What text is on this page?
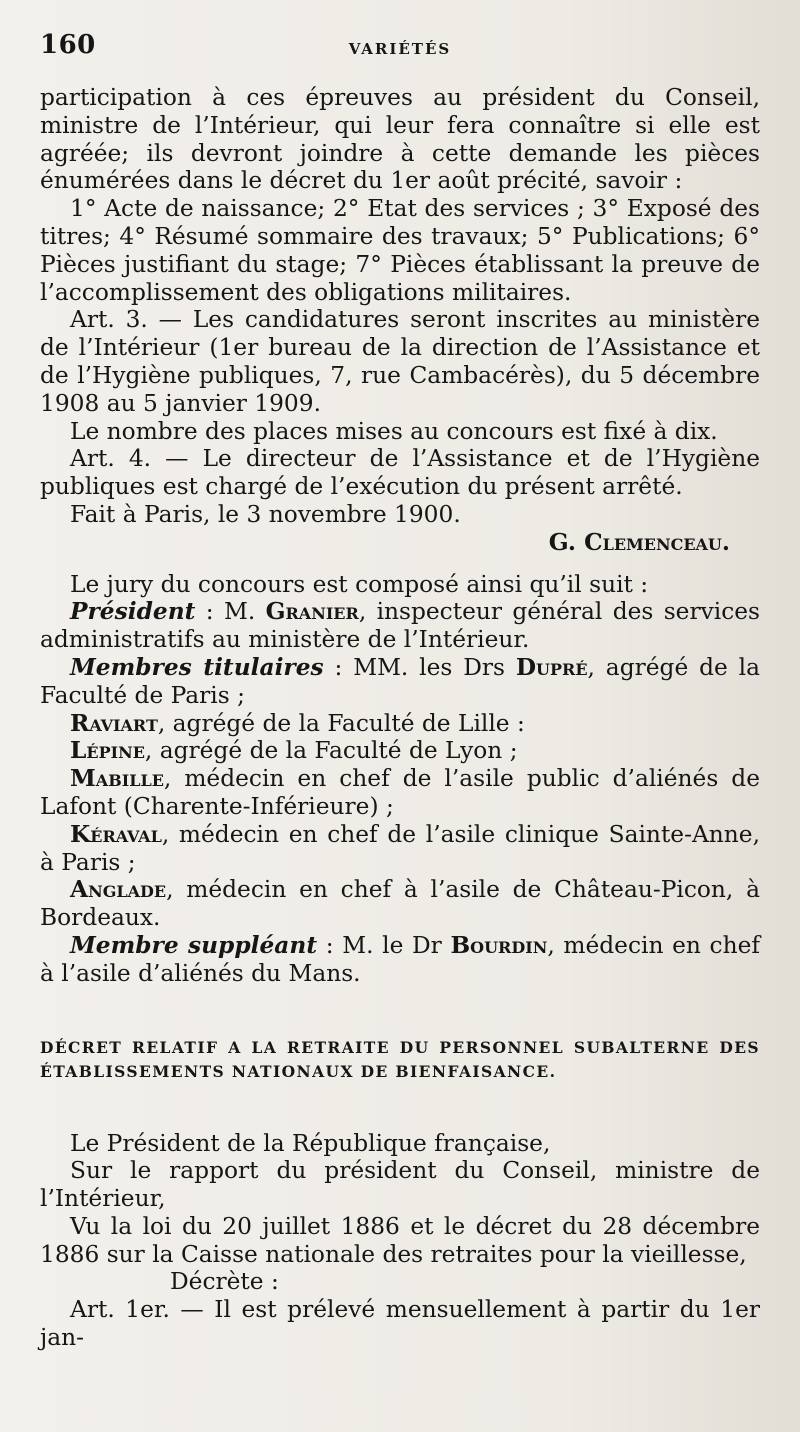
160	VARIÉTÉS

participation à ces épreuves au président du Conseil, ministre de l’Intérieur, qui leur fera connaître si elle est agréée; ils devront joindre à cette demande les pièces énumérées dans le décret du 1er août précité, savoir :

1° Acte de naissance; 2° Etat des services ; 3° Exposé des titres; 4° Résumé sommaire des travaux; 5° Publications; 6° Pièces justifiant du stage; 7° Pièces établissant la preuve de l’accomplissement des obligations militaires.

Art. 3. — Les candidatures seront inscrites au ministère de l’Intérieur (1er bureau de la direction de l’Assistance et de l’Hygiène publiques, 7, rue Cambacérès), du 5 décembre 1908 au 5 janvier 1909.

Le nombre des places mises au concours est fixé à dix.

Art. 4. — Le directeur de l’Assistance et de l’Hygiène publiques est chargé de l’exécution du présent arrêté.

Fait à Paris, le 3 novembre 1900.

G. Clemenceau.

Le jury du concours est composé ainsi qu’il suit :

Président : M. Granier, inspecteur général des services administratifs au ministère de l’Intérieur.

Membres titulaires : MM. les Drs Dupré, agrégé de la Faculté de Paris ;

Raviart, agrégé de la Faculté de Lille :

Lépine, agrégé de la Faculté de Lyon ;

Mabille, médecin en chef de l’asile public d’aliénés de Lafont (Charente-Inférieure) ;

Kéraval, médecin en chef de l’asile clinique Sainte-Anne, à Paris ;

Anglade, médecin en chef à l’asile de Château-Picon, à Bordeaux.

Membre suppléant : M. le Dr Bourdin, médecin en chef à l’asile d’aliénés du Mans.

DÉCRET RELATIF A LA RETRAITE DU PERSONNEL SUBALTERNE DES ÉTABLISSEMENTS NATIONAUX DE BIENFAISANCE.

Le Président de la République française,

Sur le rapport du président du Conseil, ministre de l’Intérieur,

Vu la loi du 20 juillet 1886 et le décret du 28 décembre 1886 sur la Caisse nationale des retraites pour la vieillesse,

Décrète :

Art. 1er. — Il est prélevé mensuellement à partir du 1er jan-
